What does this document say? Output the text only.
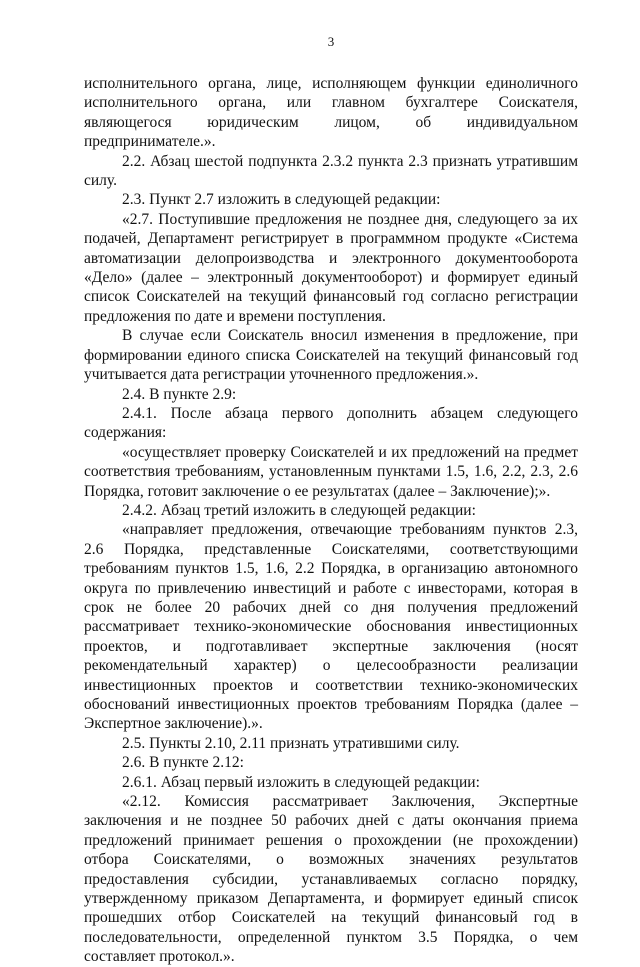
3

исполнительного органа, лице, исполняющем функции единоличного исполнительного органа, или главном бухгалтере Соискателя, являющегося юридическим лицом, об индивидуальном предпринимателе.».

2.2. Абзац шестой подпункта 2.3.2 пункта 2.3 признать утратившим силу.

2.3. Пункт 2.7 изложить в следующей редакции:

«2.7. Поступившие предложения не позднее дня, следующего за их подачей, Департамент регистрирует в программном продукте «Система автоматизации делопроизводства и электронного документооборота «Дело» (далее – электронный документооборот) и формирует единый список Соискателей на текущий финансовый год согласно регистрации предложения по дате и времени поступления.

В случае если Соискатель вносил изменения в предложение, при формировании единого списка Соискателей на текущий финансовый год учитывается дата регистрации уточненного предложения.».

2.4. В пункте 2.9:

2.4.1. После абзаца первого дополнить абзацем следующего содержания:

«осуществляет проверку Соискателей и их предложений на предмет соответствия требованиям, установленным пунктами 1.5, 1.6, 2.2, 2.3, 2.6 Порядка, готовит заключение о ее результатах (далее – Заключение);».

2.4.2. Абзац третий изложить в следующей редакции:

«направляет предложения, отвечающие требованиям пунктов 2.3, 2.6 Порядка, представленные Соискателями, соответствующими требованиям пунктов 1.5, 1.6, 2.2 Порядка, в организацию автономного округа по привлечению инвестиций и работе с инвесторами, которая в срок не более 20 рабочих дней со дня получения предложений рассматривает технико-экономические обоснования инвестиционных проектов, и подготавливает экспертные заключения (носят рекомендательный характер) о целесообразности реализации инвестиционных проектов и соответствии технико-экономических обоснований инвестиционных проектов требованиям Порядка (далее – Экспертное заключение).».

2.5. Пункты 2.10, 2.11 признать утратившими силу.

2.6. В пункте 2.12:

2.6.1. Абзац первый изложить в следующей редакции:

«2.12. Комиссия рассматривает Заключения, Экспертные заключения и не позднее 50 рабочих дней с даты окончания приема предложений принимает решения о прохождении (не прохождении) отбора Соискателями, о возможных значениях результатов предоставления субсидии, устанавливаемых согласно порядку, утвержденному приказом Департамента, и формирует единый список прошедших отбор Соискателей на текущий финансовый год в последовательности, определенной пунктом 3.5 Порядка, о чем составляет протокол.».
